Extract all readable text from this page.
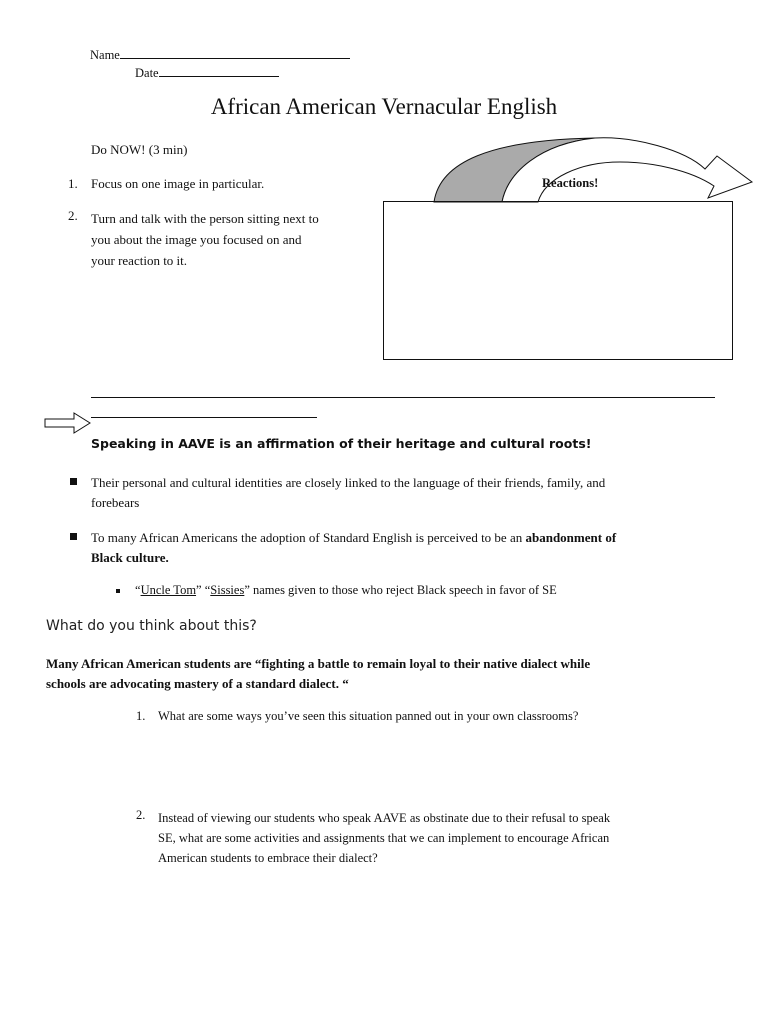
Name
Date
African American Vernacular English
Do NOW! (3 min)
1. Focus on one image in particular.
2. Turn and talk with the person sitting next to

you about the image you focused on and

your reaction to it.

Reactions!
Speaking in AAVE is an affirmation of their heritage and cultural roots!

Their personal and cultural identities are closely linked to the language of their friends, family, and

forebears

To many African Americans the adoption of Standard English is perceived to be an abandonment of

Black culture.

“Uncle Tom” “Sissies” names given to those who reject Black speech in favor of SE
What do you think about this?

Many African American students are “fighting a battle to remain loyal to their native dialect while

schools are advocating mastery of a standard dialect. “

1. What are some ways you’ve seen this situation panned out in your own classrooms?
2. Instead of viewing our students who speak AAVE as obstinate due to their refusal to speak

SE, what are some activities and assignments that we can implement to encourage African

American students to embrace their dialect?
